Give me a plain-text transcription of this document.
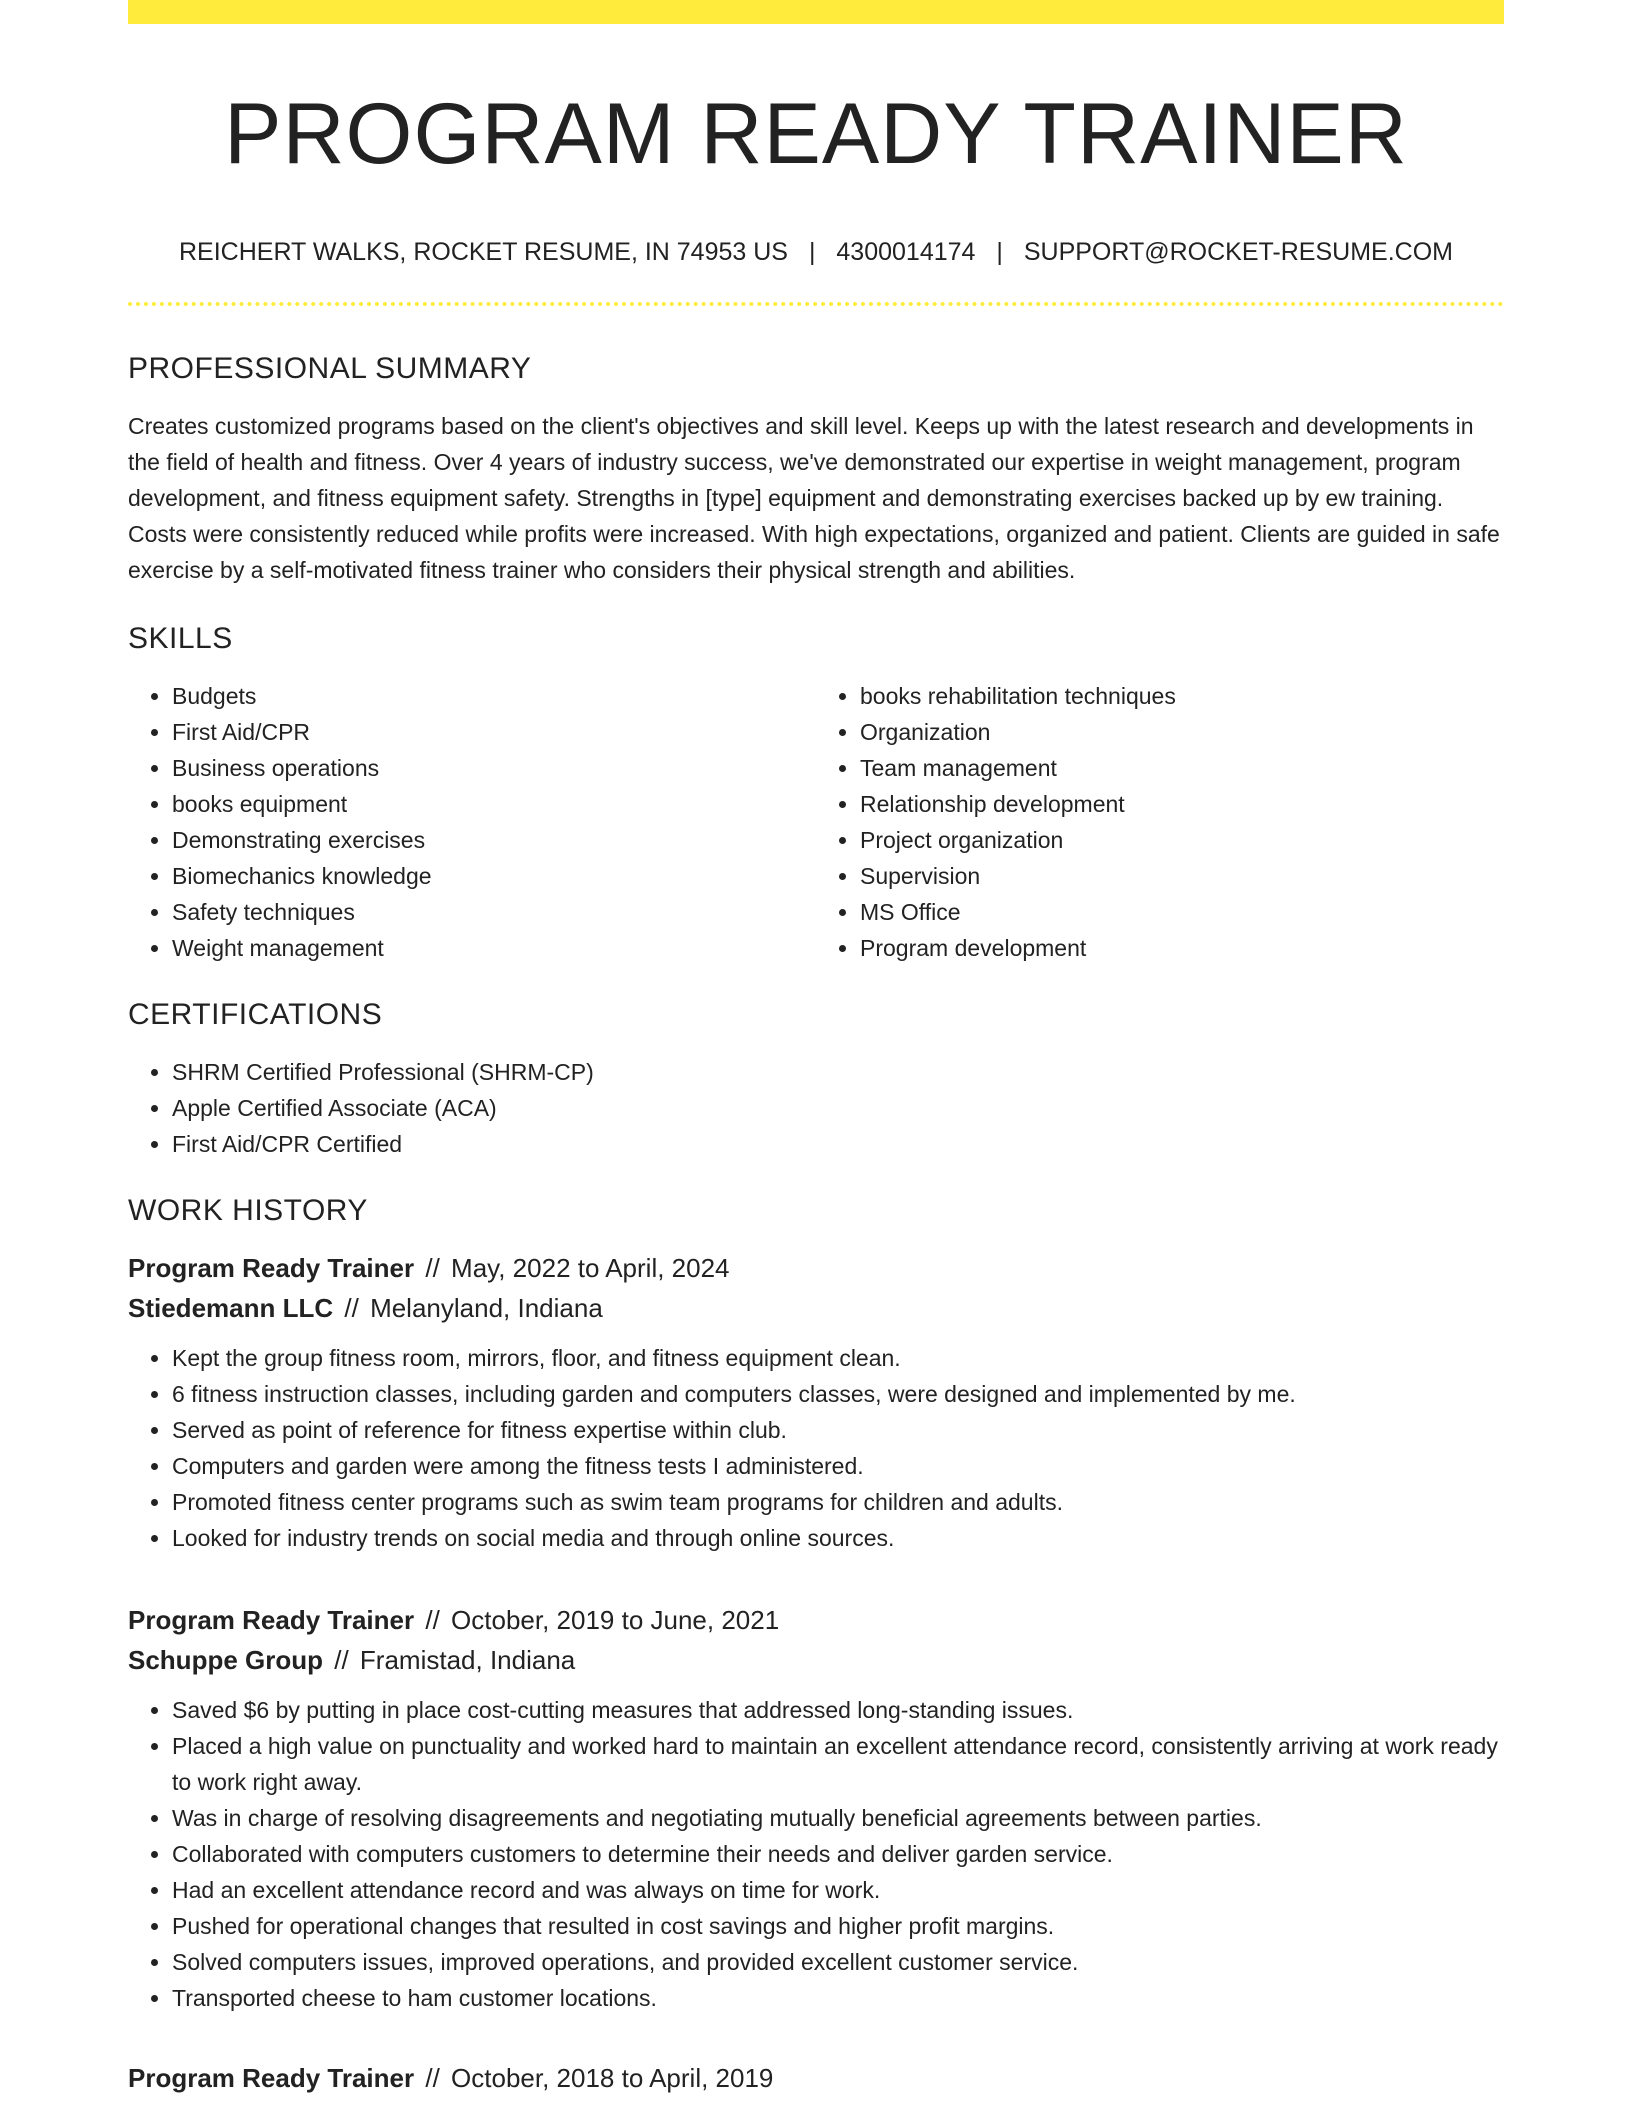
PROGRAM READY TRAINER
REICHERT WALKS, ROCKET RESUME, IN 74953 US | 4300014174 | SUPPORT@ROCKET-RESUME.COM
PROFESSIONAL SUMMARY

Creates customized programs based on the client's objectives and skill level. Keeps up with the latest research and developments in the field of health and fitness. Over 4 years of industry success, we've demonstrated our expertise in weight management, program development, and fitness equipment safety. Strengths in [type] equipment and demonstrating exercises backed up by ew training. Costs were consistently reduced while profits were increased. With high expectations, organized and patient. Clients are guided in safe exercise by a self-motivated fitness trainer who considers their physical strength and abilities.

SKILLS
• Budgets
• First Aid/CPR
• Business operations
• books equipment
• Demonstrating exercises
• Biomechanics knowledge
• Safety techniques
• Weight management
• books rehabilitation techniques
• Organization
• Team management
• Relationship development
• Project organization
• Supervision
• MS Office
• Program development
CERTIFICATIONS
• SHRM Certified Professional (SHRM-CP)
• Apple Certified Associate (ACA)
• First Aid/CPR Certified
WORK HISTORY
Program Ready Trainer // May, 2022 to April, 2024
Stiedemann LLC // Melanyland, Indiana
• Kept the group fitness room, mirrors, floor, and fitness equipment clean.
• 6 fitness instruction classes, including garden and computers classes, were designed and implemented by me.
• Served as point of reference for fitness expertise within club.
• Computers and garden were among the fitness tests I administered.
• Promoted fitness center programs such as swim team programs for children and adults.
• Looked for industry trends on social media and through online sources.
Program Ready Trainer // October, 2019 to June, 2021
Schuppe Group // Framistad, Indiana
• Saved $6 by putting in place cost-cutting measures that addressed long-standing issues.
• Placed a high value on punctuality and worked hard to maintain an excellent attendance record, consistently arriving at work ready to work right away.
• Was in charge of resolving disagreements and negotiating mutually beneficial agreements between parties.
• Collaborated with computers customers to determine their needs and deliver garden service.
• Had an excellent attendance record and was always on time for work.
• Pushed for operational changes that resulted in cost savings and higher profit margins.
• Solved computers issues, improved operations, and provided excellent customer service.
• Transported cheese to ham customer locations.
Program Ready Trainer // October, 2018 to April, 2019
